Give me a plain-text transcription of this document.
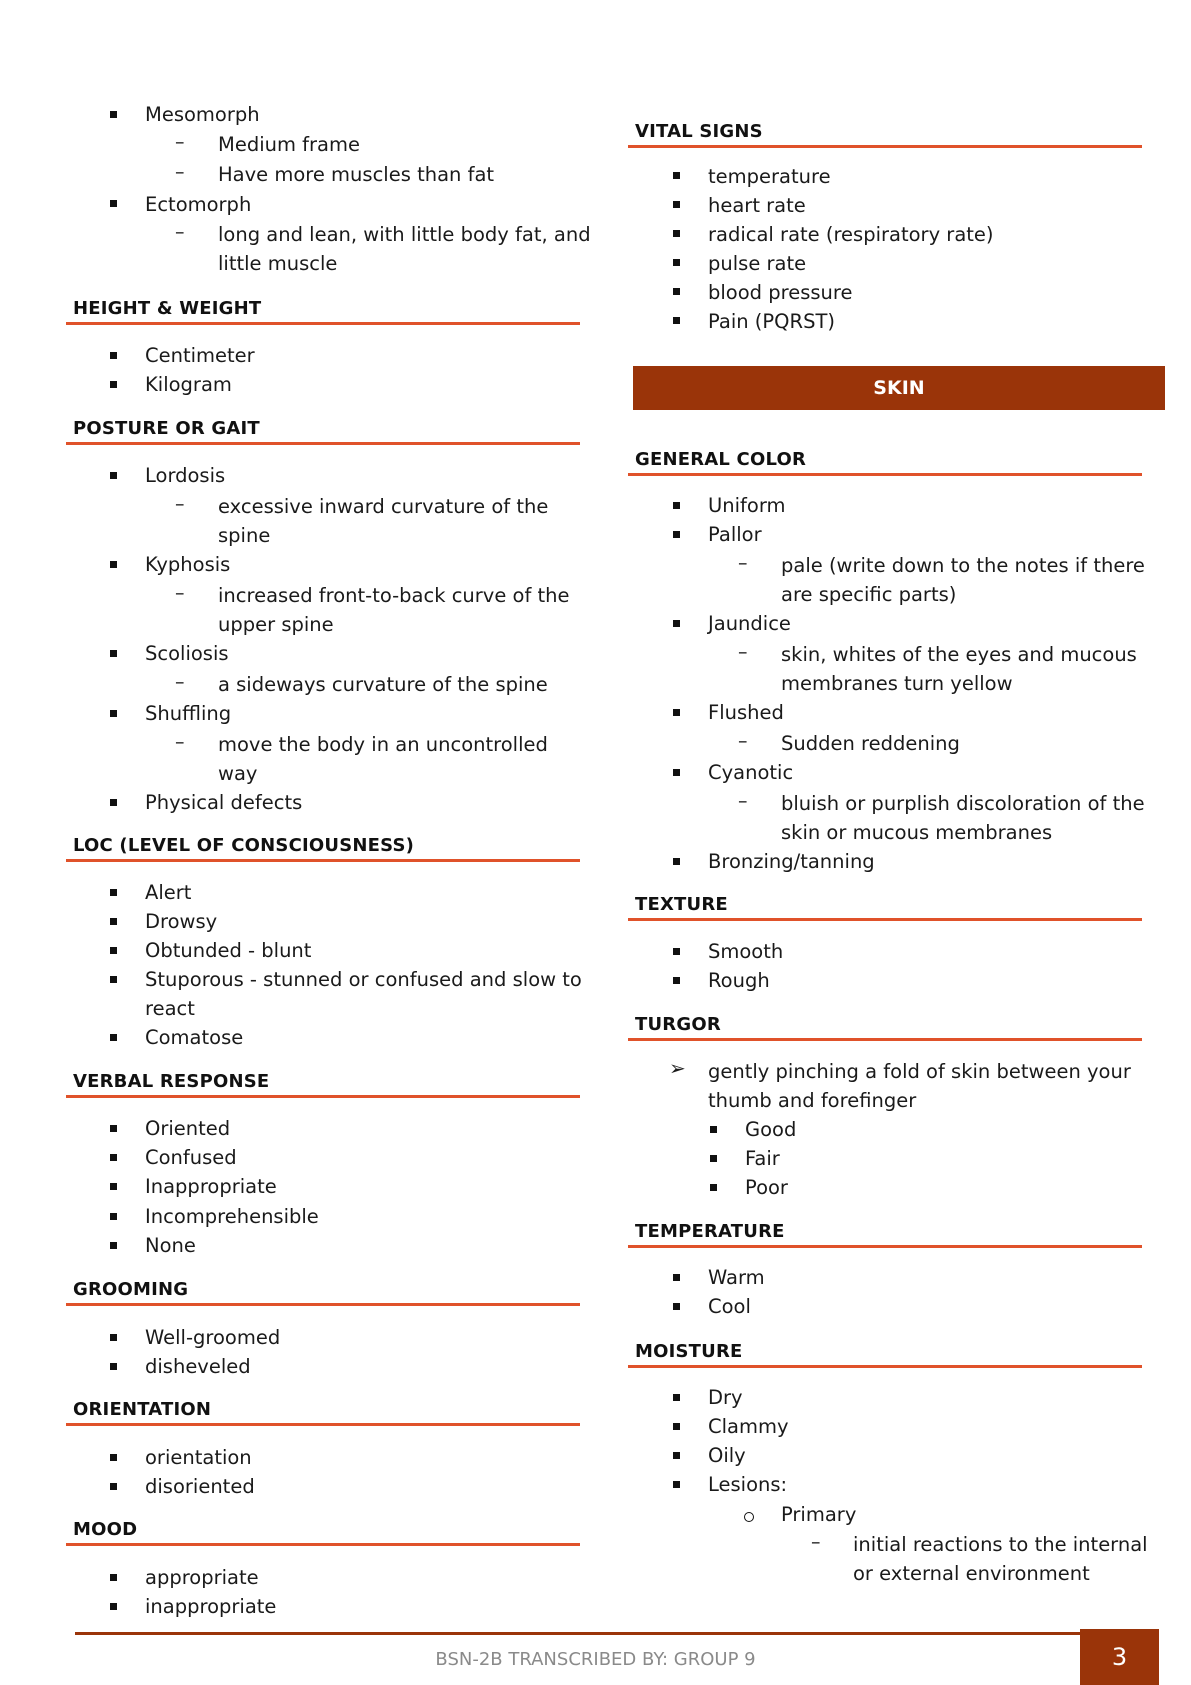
Mesomorph
– Medium frame
– Have more muscles than fat
Ectomorph
– long and lean, with little body fat, and
little muscle
HEIGHT & WEIGHT
Centimeter
Kilogram
POSTURE OR GAIT
Lordosis
– excessive inward curvature of the
spine
Kyphosis
– increased front-to-back curve of the
upper spine
Scoliosis
– a sideways curvature of the spine
Shuffling
– move the body in an uncontrolled
way
Physical defects
LOC (LEVEL OF CONSCIOUSNESS)
Alert
Drowsy
Obtunded - blunt
Stuporous - stunned or confused and slow to
react
Comatose
VERBAL RESPONSE
Oriented
Confused
Inappropriate
Incomprehensible
None
GROOMING
Well-groomed
disheveled
ORIENTATION
orientation
disoriented
MOOD
appropriate
inappropriate
VITAL SIGNS
temperature
heart rate
radical rate (respiratory rate)
pulse rate
blood pressure
Pain (PQRST)
SKIN
GENERAL COLOR
Uniform
Pallor
– pale (write down to the notes if there
are specific parts)
Jaundice
– skin, whites of the eyes and mucous
membranes turn yellow
Flushed
– Sudden reddening
Cyanotic
– bluish or purplish discoloration of the
skin or mucous membranes
Bronzing/tanning
TEXTURE
Smooth
Rough
TURGOR
➢ gently pinching a fold of skin between your
thumb and forefinger
Good
Fair
Poor
TEMPERATURE
Warm
Cool
MOISTURE
Dry
Clammy
Oily
Lesions:
Primary
– initial reactions to the internal
or external environment
BSN-2B TRANSCRIBED BY: GROUP 9	3
